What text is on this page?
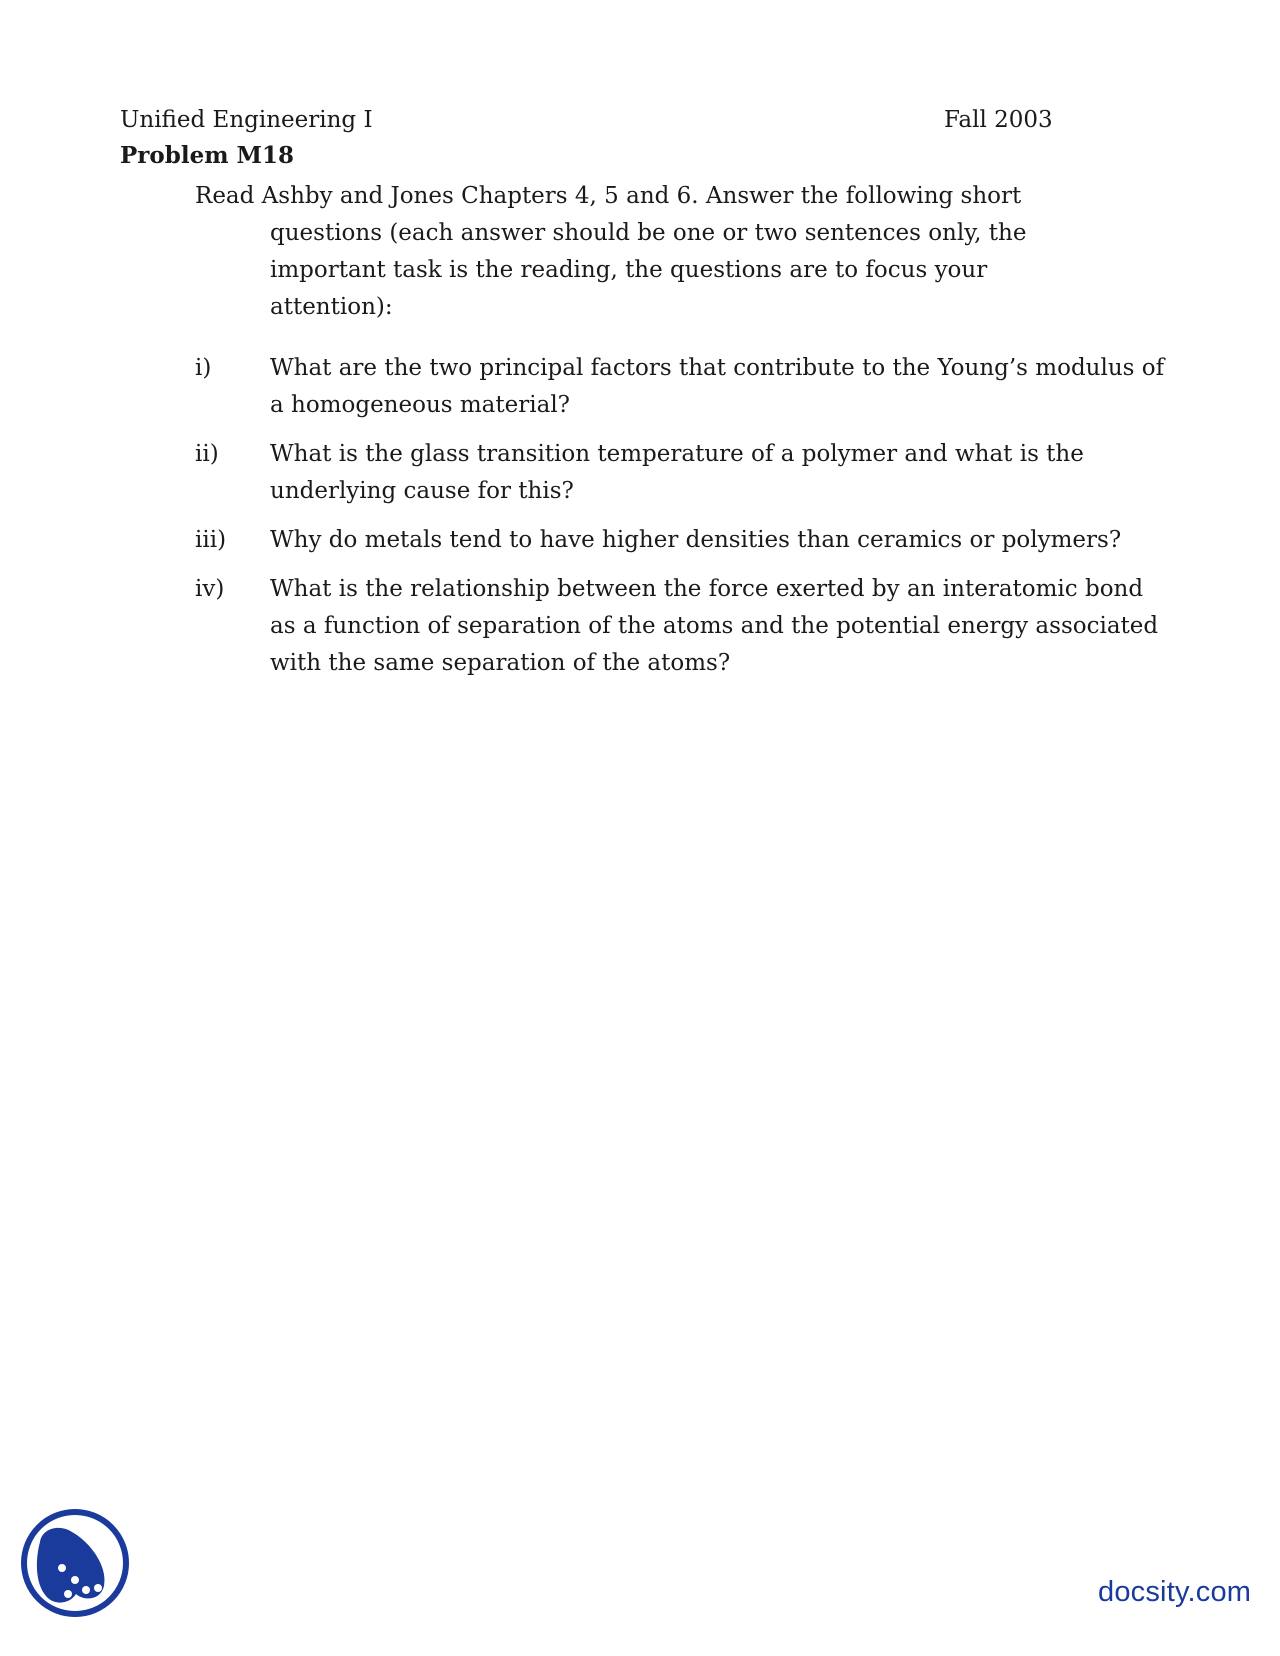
Unified Engineering I	Fall 2003
Problem M18
Read Ashby and Jones Chapters 4, 5 and 6. Answer the following short questions (each answer should be one or two sentences only, the important task is the reading, the questions are to focus your attention):
i)	What are the two principal factors that contribute to the Young’s modulus of a homogeneous material?
ii)	What is the glass transition temperature of a polymer and what is the underlying cause for this?
iii)	Why do metals tend to have higher densities than ceramics or polymers?
iv)	What is the relationship between the force exerted by an interatomic bond as a function of separation of the atoms and the potential energy associated with the same separation of the atoms?
docsity.com
